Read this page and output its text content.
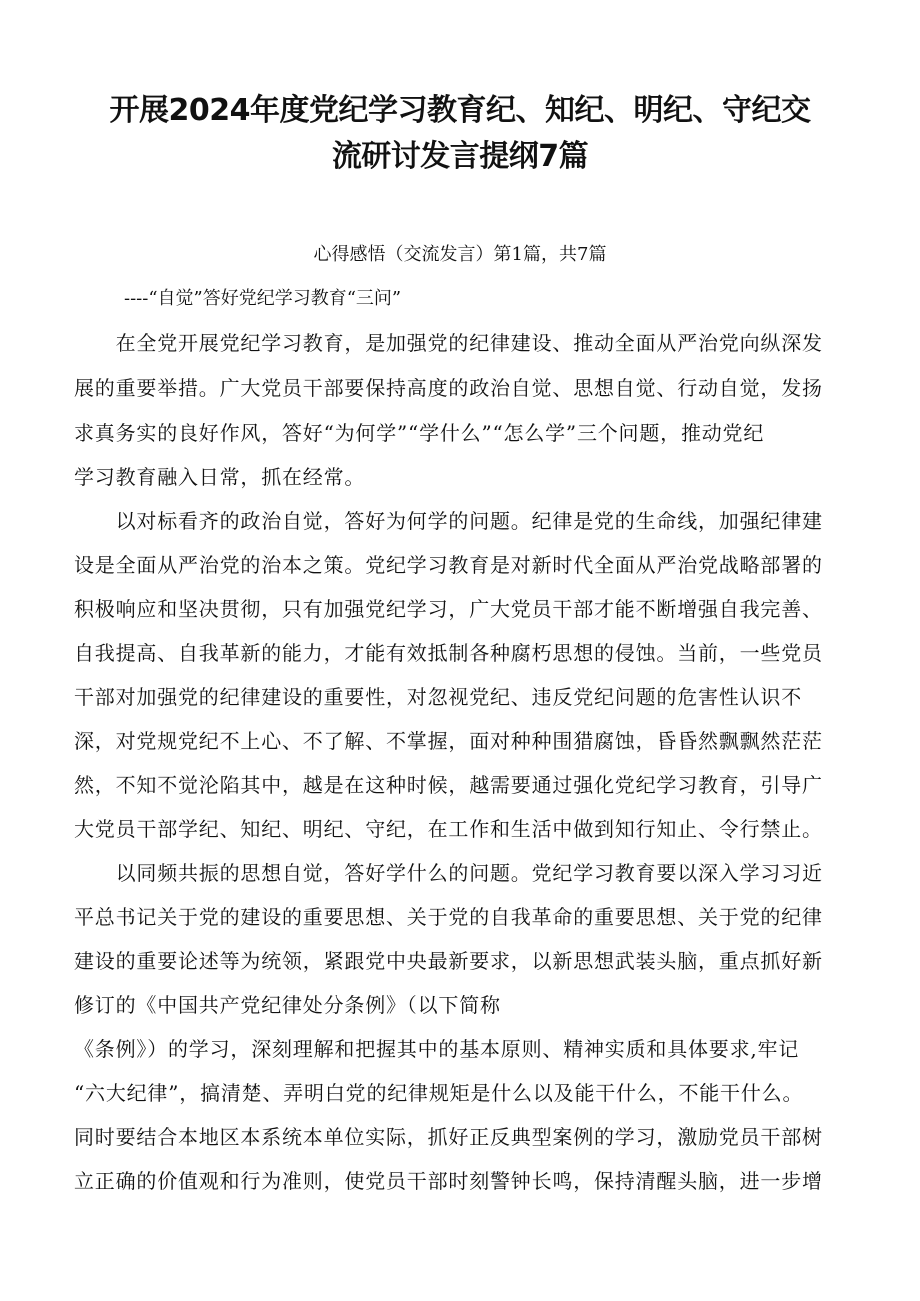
开展2024年度党纪学习教育纪、知纪、明纪、守纪交
流研讨发言提纲7篇
心得感悟（交流发言）第1篇，共7篇
----“自觉”答好党纪学习教育“三问”
　　在全党开展党纪学习教育，是加强党的纪律建设、推动全面从严治党向纵深发
展的重要举措。广大党员干部要保持高度的政治自觉、思想自觉、行动自觉，发扬
求真务实的良好作风，答好“为何学”“学什么”“怎么学”三个问题，推动党纪
学习教育融入日常，抓在经常。
　　以对标看齐的政治自觉，答好为何学的问题。纪律是党的生命线，加强纪律建
设是全面从严治党的治本之策。党纪学习教育是对新时代全面从严治党战略部署的
积极响应和坚决贯彻，只有加强党纪学习，广大党员干部才能不断增强自我完善、
自我提高、自我革新的能力，才能有效抵制各种腐朽思想的侵蚀。当前，一些党员
干部对加强党的纪律建设的重要性，对忽视党纪、违反党纪问题的危害性认识不
深，对党规党纪不上心、不了解、不掌握，面对种种围猎腐蚀，昏昏然飘飘然茫茫
然，不知不觉沦陷其中，越是在这种时候，越需要通过强化党纪学习教育，引导广
大党员干部学纪、知纪、明纪、守纪，在工作和生活中做到知行知止、令行禁止。
　　以同频共振的思想自觉，答好学什么的问题。党纪学习教育要以深入学习习近
平总书记关于党的建设的重要思想、关于党的自我革命的重要思想、关于党的纪律
建设的重要论述等为统领，紧跟党中央最新要求，以新思想武装头脑，重点抓好新
修订的《中国共产党纪律处分条例》（以下简称
《条例》）的学习，深刻理解和把握其中的基本原则、精神实质和具体要求,牢记
“六大纪律”，搞清楚、弄明白党的纪律规矩是什么以及能干什么，不能干什么。
同时要结合本地区本系统本单位实际，抓好正反典型案例的学习，激励党员干部树
立正确的价值观和行为准则，使党员干部时刻警钟长鸣，保持清醒头脑，进一步增
